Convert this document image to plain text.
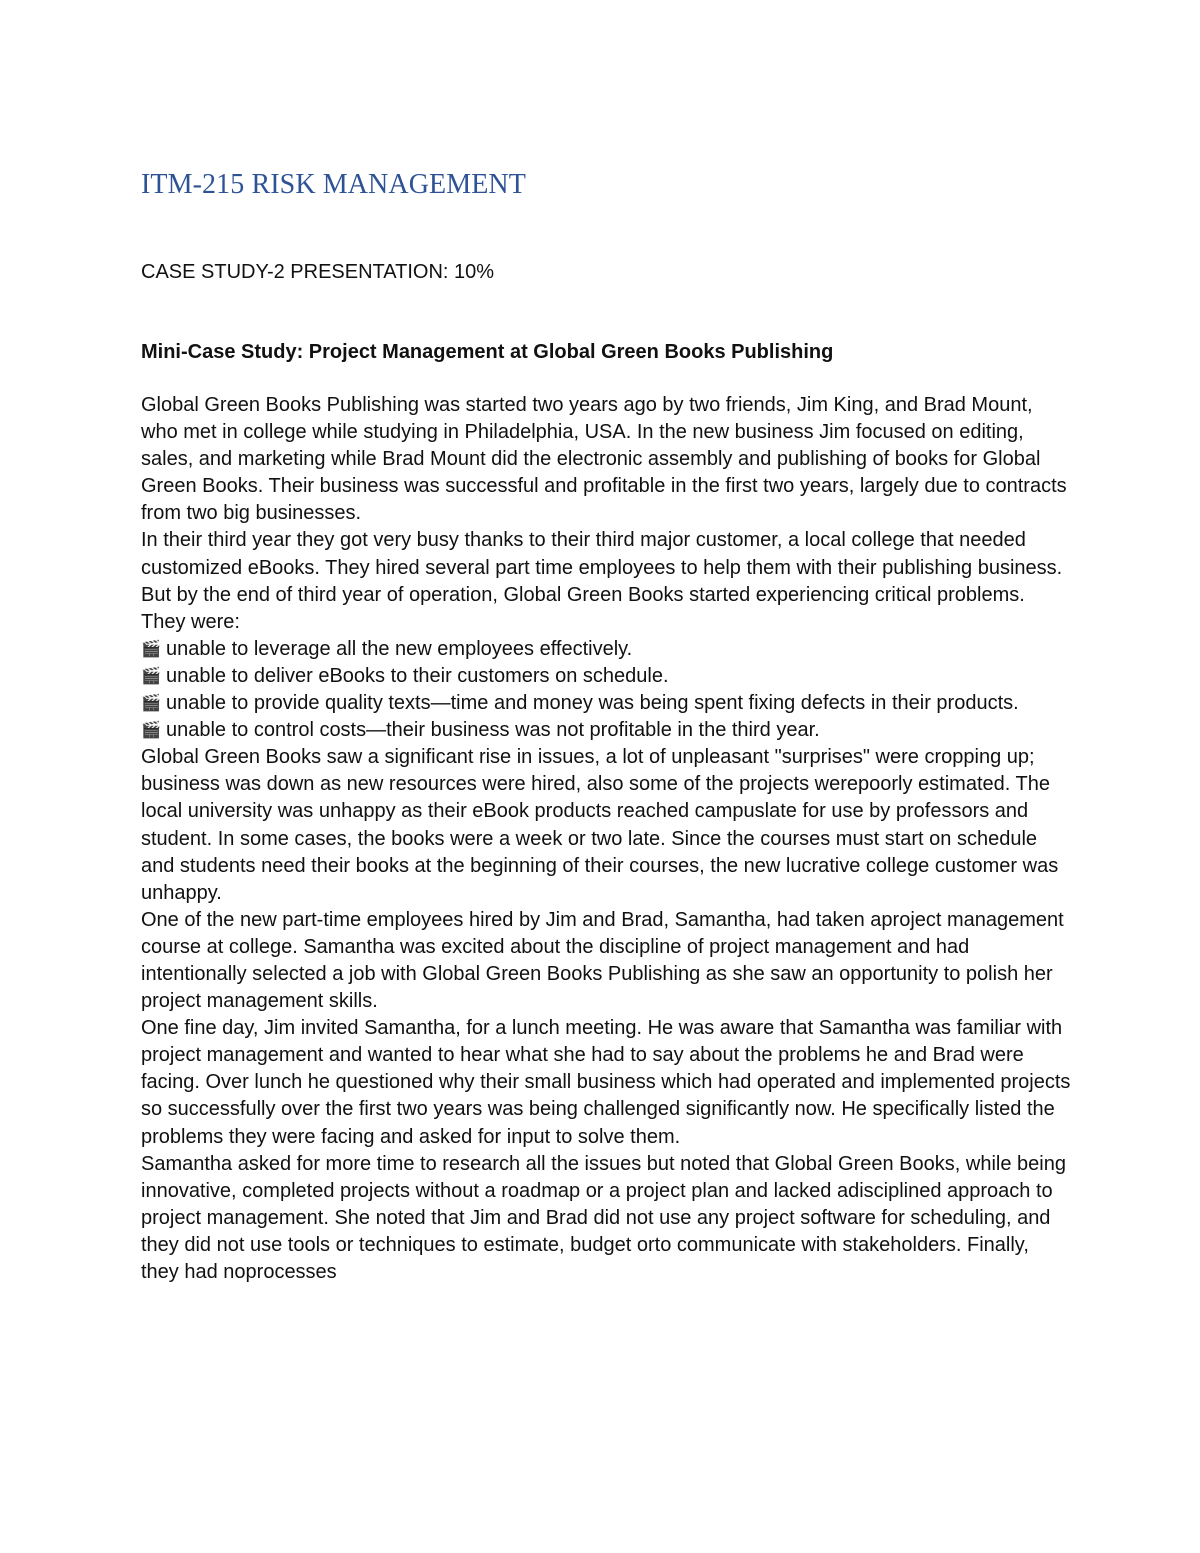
ITM-215 RISK MANAGEMENT
CASE STUDY-2 PRESENTATION: 10%
Mini-Case Study: Project Management at Global Green Books Publishing

Global Green Books Publishing was started two years ago by two friends, Jim King, and Brad Mount, who met in college while studying in Philadelphia, USA. In the new business Jim focused on editing, sales, and marketing while Brad Mount did the electronic assembly and publishing of books for Global Green Books. Their business was successful and profitable in the first two years, largely due to contracts from two big businesses.

In their third year they got very busy thanks to their third major customer, a local college that needed customized eBooks. They hired several part time employees to help them with their publishing business. But by the end of third year of operation, Global Green Books started experiencing critical problems. They were:

🎬 unable to leverage all the new employees effectively.

🎬 unable to deliver eBooks to their customers on schedule.

🎬 unable to provide quality texts—time and money was being spent fixing defects in their products.

🎬 unable to control costs—their business was not profitable in the third year.

Global Green Books saw a significant rise in issues, a lot of unpleasant "surprises" were cropping up; business was down as new resources were hired, also some of the projects werepoorly estimated. The local university was unhappy as their eBook products reached campuslate for use by professors and student. In some cases, the books were a week or two late. Since the courses must start on schedule and students need their books at the beginning of their courses, the new lucrative college customer was unhappy.

One of the new part-time employees hired by Jim and Brad, Samantha, had taken aproject management course at college. Samantha was excited about the discipline of project management and had intentionally selected a job with Global Green Books Publishing as she saw an opportunity to polish her project management skills.

One fine day, Jim invited Samantha, for a lunch meeting. He was aware that Samantha was familiar with project management and wanted to hear what she had to say about the problems he and Brad were facing. Over lunch he questioned why their small business which had operated and implemented projects so successfully over the first two years was being challenged significantly now. He specifically listed the problems they were facing and asked for input to solve them.

Samantha asked for more time to research all the issues but noted that Global Green Books, while being innovative, completed projects without a roadmap or a project plan and lacked adisciplined approach to project management. She noted that Jim and Brad did not use any project software for scheduling, and they did not use tools or techniques to estimate, budget orto communicate with stakeholders. Finally, they had noprocesses
